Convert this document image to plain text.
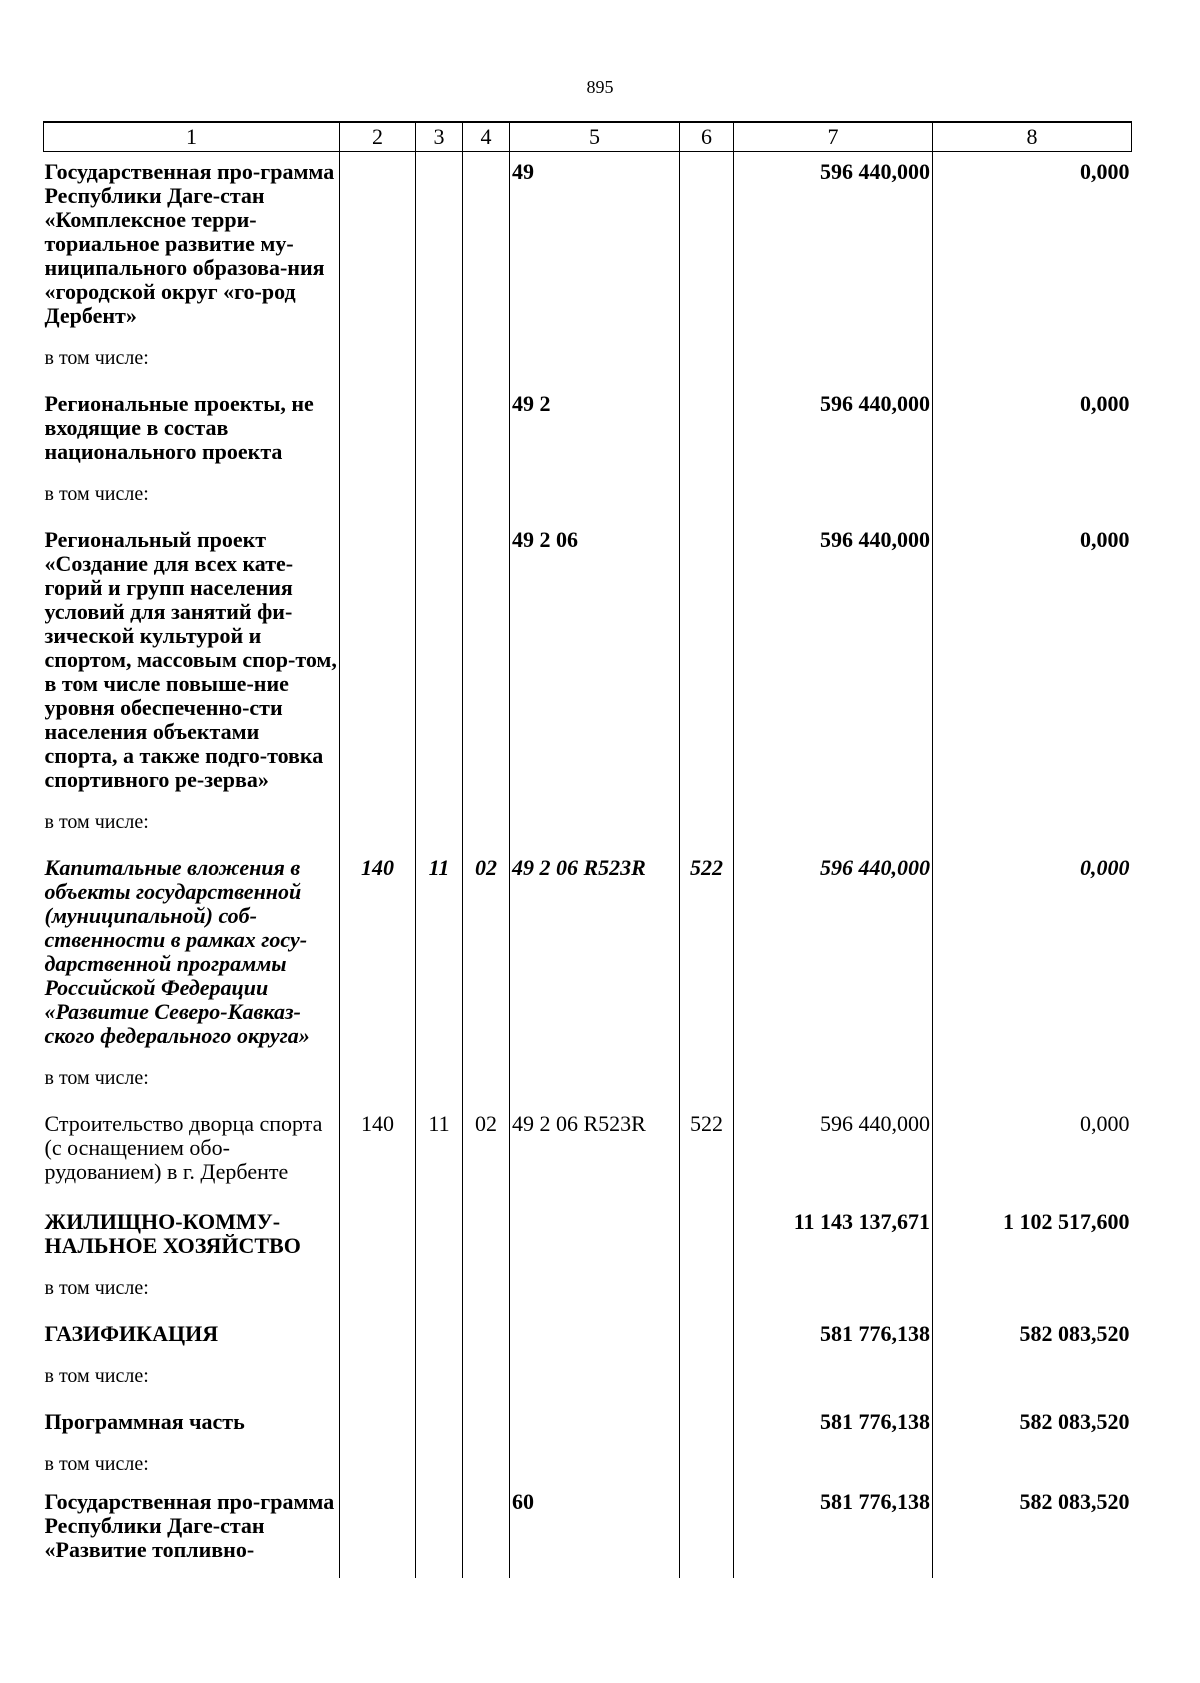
895
1	2	3	4	5	6	7	8
Государственная про-грамма Республики Даге-стан «Комплексное терри-ториальное развитие му-ниципального образова-ния «городской округ «го-род Дербент»				49		596 440,000	0,000
в том числе:							
Региональные проекты, не входящие в состав национального проекта				49 2		596 440,000	0,000
в том числе:							
Региональный проект «Создание для всех кате-горий и групп населения условий для занятий фи-зической культурой и спортом, массовым спор-том, в том числе повыше-ние уровня обеспеченно-сти населения объектами спорта, а также подго-товка спортивного ре-зерва»				49 2 06		596 440,000	0,000
в том числе:							
Капитальные вложения в объекты государственной (муниципальной) соб-ственности в рамках госу-дарственной программы Российской Федерации «Развитие Северо-Кавказ-ского федерального округа»	140	11	02	49 2 06 R523R	522	596 440,000	0,000
в том числе:							
Строительство дворца спорта (с оснащением обо-рудованием) в г. Дербенте	140	11	02	49 2 06 R523R	522	596 440,000	0,000
ЖИЛИЩНО-КОММУ-НАЛЬНОЕ ХОЗЯЙСТВО						11 143 137,671	1 102 517,600
в том числе:							
ГАЗИФИКАЦИЯ						581 776,138	582 083,520
в том числе:							
Программная часть						581 776,138	582 083,520
в том числе:							
Государственная про-грамма Республики Даге-стан «Развитие топливно-				60		581 776,138	582 083,520
